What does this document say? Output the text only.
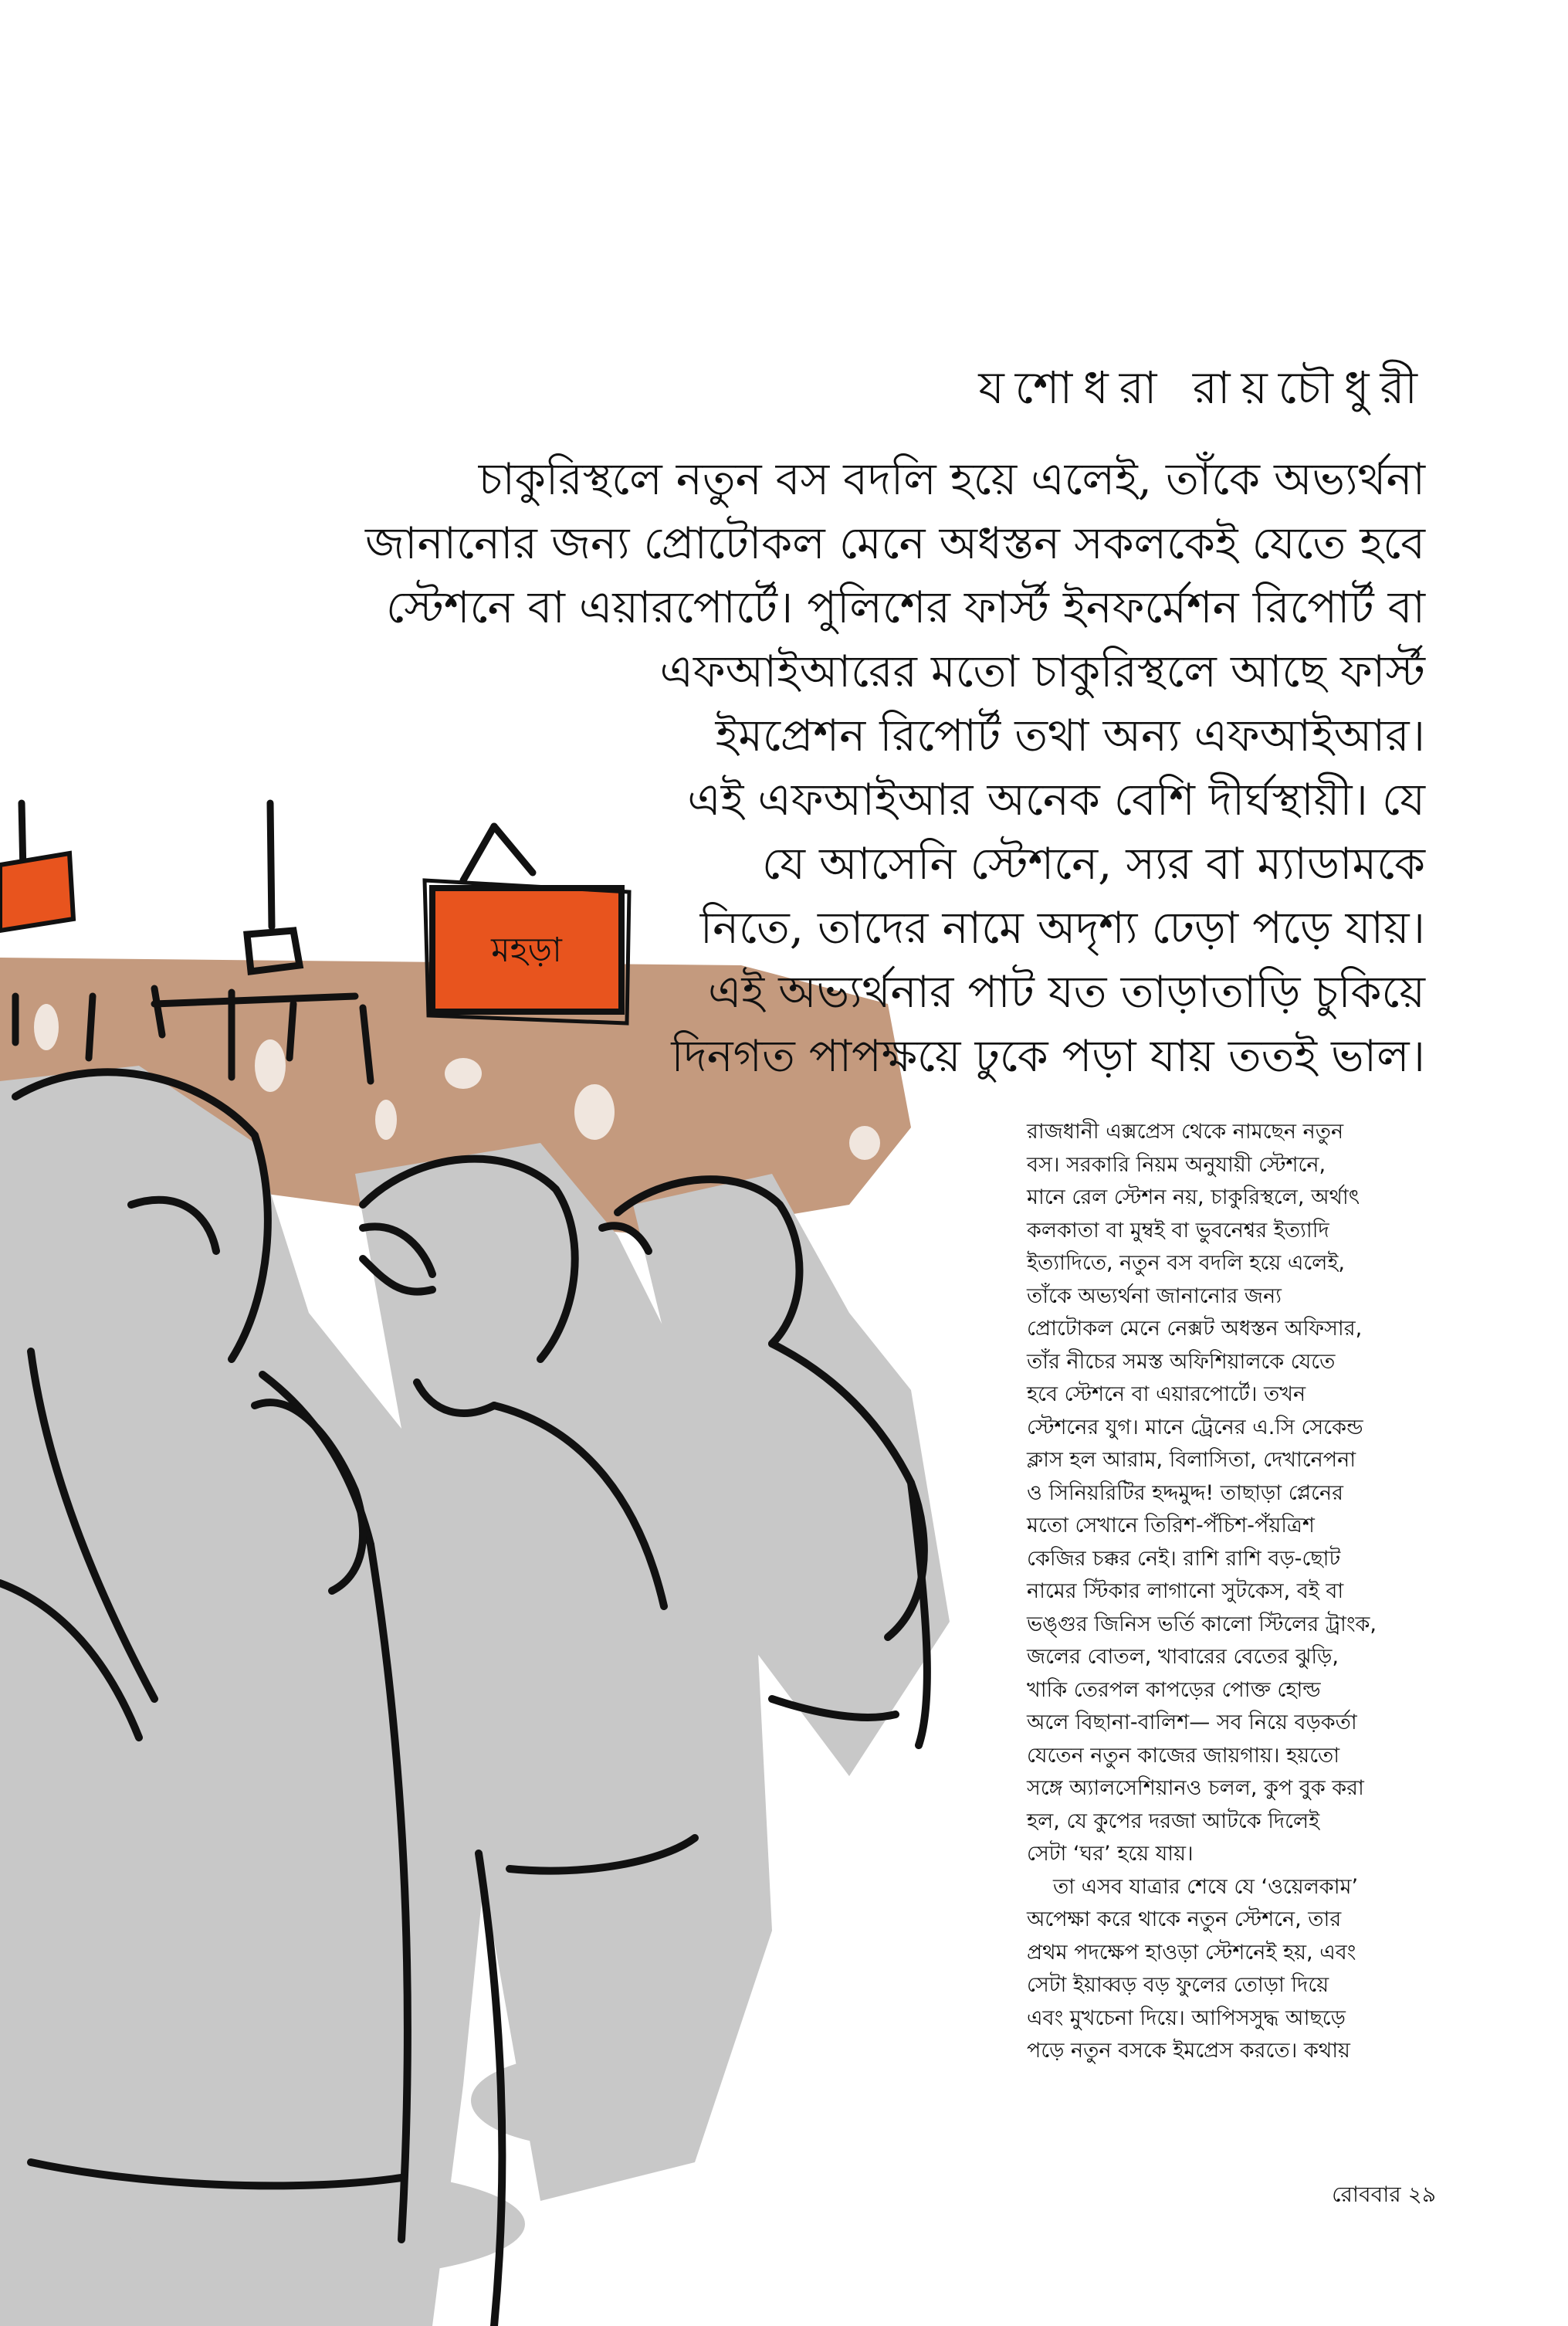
মহড়া
যশোধরা রায়চৌধুরী
চাকুরিস্থলে নতুন বস বদলি হয়ে এলেই, তাঁকে অভ্যর্থনা
জানানোর জন্য প্রোটোকল মেনে অধস্তন সকলকেই যেতে হবে
স্টেশনে বা এয়ারপোর্টে। পুলিশের ফার্স্ট ইনফর্মেশন রিপোর্ট বা
এফআইআরের মতো চাকুরিস্থলে আছে ফার্স্ট
ইমপ্রেশন রিপোর্ট তথা অন্য এফআইআর।
এই এফআইআর অনেক বেশি দীর্ঘস্থায়ী। যে
যে আসেনি স্টেশনে, স্যর বা ম্যাডামকে
নিতে, তাদের নামে অদৃশ্য ঢেড়া পড়ে যায়।
এই অভ্যর্থনার পাট যত তাড়াতাড়ি চুকিয়ে
দিনগত পাপক্ষয়ে ঢুকে পড়া যায় ততই ভাল।
রাজধানী এক্সপ্রেস থেকে নামছেন নতুন
বস। সরকারি নিয়ম অনুযায়ী স্টেশনে,
মানে রেল স্টেশন নয়, চাকুরিস্থলে, অর্থাৎ
কলকাতা বা মুম্বই বা ভুবনেশ্বর ইত্যাদি
ইত্যাদিতে, নতুন বস বদলি হয়ে এলেই,
তাঁকে অভ্যর্থনা জানানোর জন্য
প্রোটোকল মেনে নেক্সট অধস্তন অফিসার,
তাঁর নীচের সমস্ত অফিশিয়ালকে যেতে
হবে স্টেশনে বা এয়ারপোর্টে। তখন
স্টেশনের যুগ। মানে ট্রেনের এ.সি সেকেন্ড
ক্লাস হল আরাম, বিলাসিতা, দেখানেপনা
ও সিনিয়রিটির হদ্দমুদ্দ! তাছাড়া প্লেনের
মতো সেখানে তিরিশ-পঁচিশ-পঁয়ত্রিশ
কেজির চক্কর নেই। রাশি রাশি বড়-ছোট
নামের স্টিকার লাগানো সুটকেস, বই বা
ভঙ্গুর জিনিস ভর্তি কালো স্টিলের ট্রাংক,
জলের বোতল, খাবারের বেতের ঝুড়ি,
খাকি তেরপল কাপড়ের পোক্ত হোল্ড
অলে বিছানা-বালিশ— সব নিয়ে বড়কর্তা
যেতেন নতুন কাজের জায়গায়। হয়তো
সঙ্গে অ্যালসেশিয়ানও চলল, কুপ বুক করা
হল, যে কুপের দরজা আটকে দিলেই
সেটা ‘ঘর’ হয়ে যায়।
তা এসব যাত্রার শেষে যে ‘ওয়েলকাম’
অপেক্ষা করে থাকে নতুন স্টেশনে, তার
প্রথম পদক্ষেপ হাওড়া স্টেশনেই হয়, এবং
সেটা ইয়াব্বড় বড় ফুলের তোড়া দিয়ে
এবং মুখচেনা দিয়ে। আপিসসুদ্ধ আছড়ে
পড়ে নতুন বসকে ইমপ্রেস করতে। কথায়
রোববার ২৯
